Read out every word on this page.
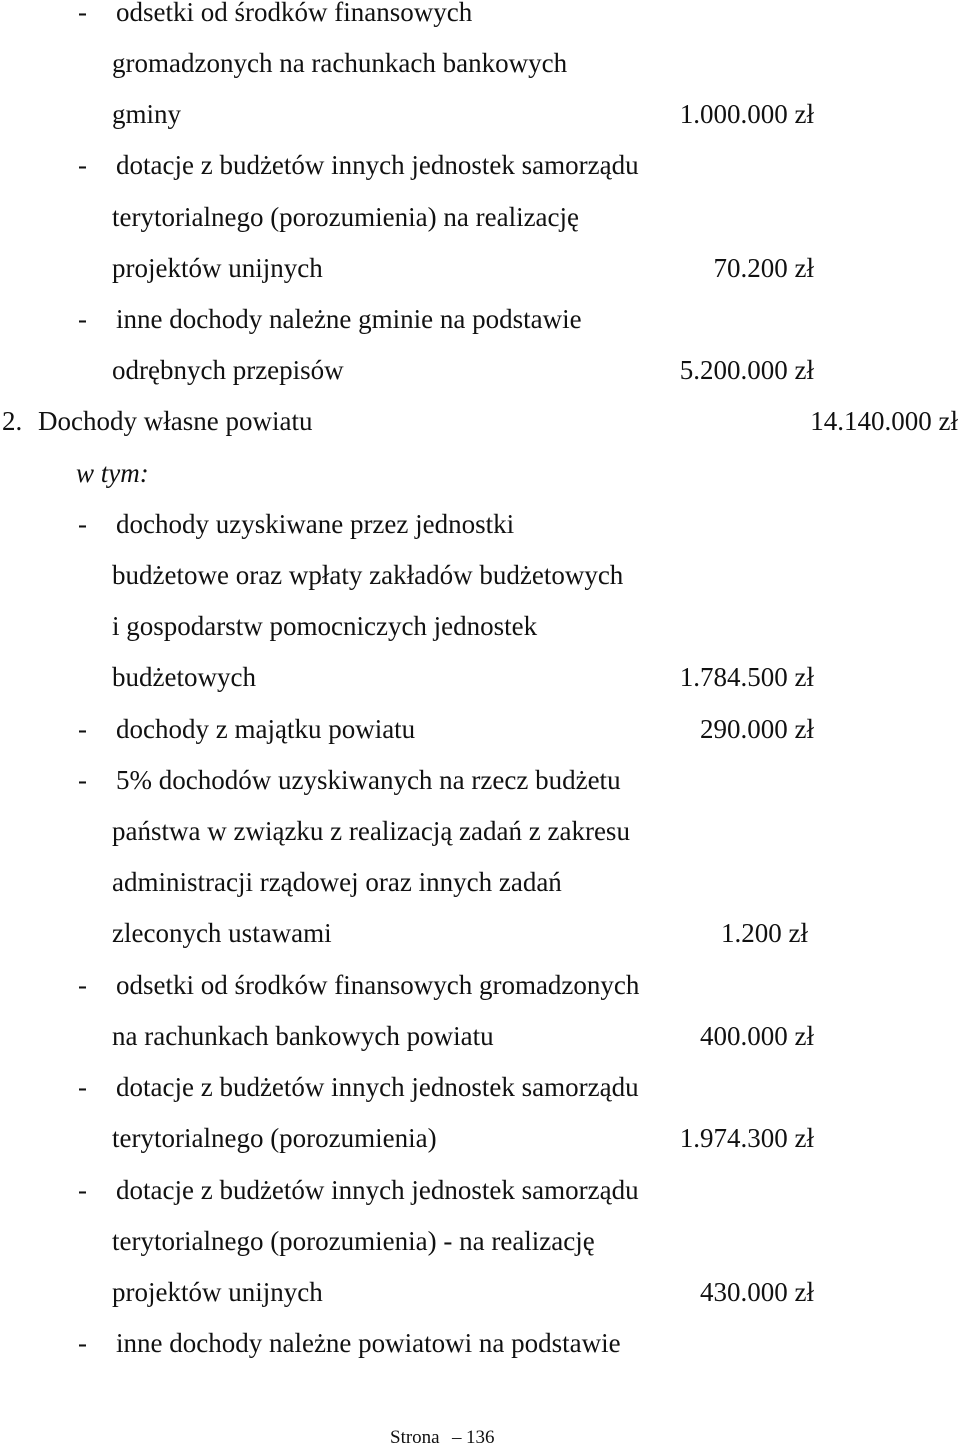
- odsetki od środków finansowych
gromadzonych na rachunkach bankowych
gminy	1.000.000 zł
- dotacje z budżetów innych jednostek samorządu
terytorialnego (porozumienia) na realizację
projektów unijnych	70.200 zł
- inne dochody należne gminie na podstawie
odrębnych przepisów	5.200.000 zł
2. Dochody własne powiatu	14.140.000 zł
w tym:
- dochody uzyskiwane przez jednostki
budżetowe oraz wpłaty zakładów budżetowych
i gospodarstw pomocniczych jednostek
budżetowych	1.784.500 zł
- dochody z majątku powiatu	290.000 zł
- 5% dochodów uzyskiwanych na rzecz budżetu
państwa w związku z realizacją zadań z zakresu
administracji rządowej oraz innych zadań
zleconych ustawami	1.200 zł
- odsetki od środków finansowych gromadzonych
na rachunkach bankowych powiatu	400.000 zł
- dotacje z budżetów innych jednostek samorządu
terytorialnego (porozumienia)	1.974.300 zł
- dotacje z budżetów innych jednostek samorządu
terytorialnego (porozumienia) - na realizację
projektów unijnych	430.000 zł
- inne dochody należne powiatowi na podstawie
Strona – 136
